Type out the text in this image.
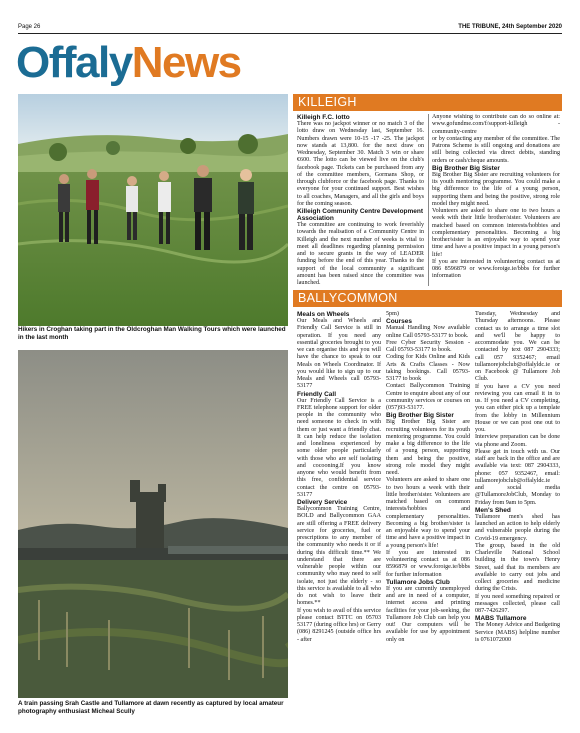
Page 26	THE TRIBUNE, 24th September 2020
OffalyNews
Hikers in Croghan taking part in the Oldcroghan Man Walking Tours which were launched in the last month
A train passing Srah Castle and Tullamore at dawn recently as captured by local amateur photography enthusiast Micheal Scully
KILLEIGH

Killeigh F.C. lotto

There was no jackpot winner or no match 3 of the lotto draw on Wednesday last, September 16. Numbers drawn were 10-15 -17 -25. The jackpot now stands at 13,800. for the next draw on Wednesday, September 30. Match 3 win or share €600. The lotto can be viewed live on the club's facebook page. Tickets can be purchased from any of the committee members, Gormans Shop, or through clubforce or the facebook page. Thanks to everyone for your continued support. Best wishes to all coaches, Managers, and all the girls and boys for the coming season.

Killeigh Community Centre Development Association

The committee are continuing to work feverishly towards the realisation of a Community Centre in Killeigh and the next number of weeks is vital to meet all deadlines regarding planning permission and to secure grants in the way of LEADER funding before the end of this year. Thanks to the support of the local community a significant amount has been raised since the committee was launched.

Anyone wishing to contribute can do so online at: www.gofundme.com/f/support-killeigh -community-centre

or by contacting any member of the committee. The Patrons Scheme is still ongoing and donations are still being collected via direct debits, standing orders or cash/cheque amounts.

Big Brother Big Sister

Big Brother Big Sister are recruiting volunteers for its youth mentoring programme. You could make a big difference to the life of a young person, supporting them and being the positive, strong role model they might need.

Volunteers are asked to share one to two hours a week with their little brother/sister. Volunteers are matched based on common interests/hobbies and complementary personalities. Becoming a big brother/sister is an enjoyable way to spend your time and have a positive impact in a young person's life!

If you are interested in volunteering contact us at 086 8596879 or www.foroige.ie/bbbs for further information

BALLYCOMMON

Meals on Wheels

Our Meals and Wheels and Friendly Call Service is still in operation. If you need any essential groceries brought to you we can organise this and you will have the chance to speak to our Meals on Wheels Coordinator. If you would like to sign up to our Meals and Wheels call 05793-53177

Friendly Call

Our Friendly Call Service is a FREE telephone support for older people in the community who need someone to check in with them or just want a friendly chat. It can help reduce the isolation and loneliness experienced by some older people particularly with those who are self isolating and cocooning.If you know anyone who would benefit from this free, confidential service contact the centre on 05793-53177

Delivery Service

Ballycommon Training Centre, BOLD and Ballycommon GAA are still offering a FREE delivery service for groceries, fuel or prescriptions to any member of the community who needs it or if during this difficult time.** We understand that there are vulnerable people within our community who may need to self isolate, not just the elderly - so this service is available to all who do not wish to leave their homes.**

If you wish to avail of this service please contact BTTC on 05703 53177 (during office hrs) or Gerry (086) 8291245 (outside office hrs - after

5pm)

Courses

Manual Handling Now available online Call 05793-53177 to book.

Free Cyber Security Session - Call 05793-53177 to book.

Coding for Kids Online and Kids Arts & Crafts Classes - Now taking bookings. Call 05793-53177 to book

Contact Ballycommon Training Centre to enquire about any of our community services or courses on (057)93-53177.

Big Brother Big Sister

Big Brother Big Sister are recruiting volunteers for its youth mentoring programme. You could make a big difference to the life of a young person, supporting them and being the positive, strong role model they might need.

Volunteers are asked to share one to two hours a week with their little brother/sister. Volunteers are matched based on common interests/hobbies and complementary personalities. Becoming a big brother/sister is an enjoyable way to spend your time and have a positive impact in a young person's life!

If you are interested in volunteering contact us at 086 8596879 or www.foroige.ie/bbbs for further information

Tullamore Jobs Club

If you are currently unemployed and are in need of a computer, internet access and printing facilities for your job-seeking, the Tullamore Job Club can help you out! Our computers will be available for use by appointment only on

Tuesday, Wednesday and Thursday afternoons. Please contact us to arrange a time slot and we'll be happy to accommodate you. We can be contacted by text 087 2904333; call 057 9352467; email tullamorejobclub@offalyldc.ie or on Facebook @ Tullamore Job Club.

If you have a CV you need reviewing you can email it in to us. If you need a CV completing, you can either pick up a template from the lobby in Millennium House or we can post one out to you.

Interview preparation can be done via phone and Zoom.

Please get in touch with us. Our staff are back in the office and are available via text: 087 2904333, phone: 057 9352467, email: tullamorejobclub@offalyldc.ie and social media @TullamoreJobClub, Monday to Friday from 9am to 5pm.

Men's Shed

Tullamore men's shed has launched an action to help elderly and vulnerable people during the Covid-19 emergency.

The group, based in the old Charleville National School building in the town's Henry Street, said that its members are available to carry out jobs and collect groceries and medicine during the Crisis.

If you need something repaired or messages collected, please call 087-7426297.

MABS Tullamore

The Money Advice and Budgeting Service (MABS) helpline number is 0761072000
